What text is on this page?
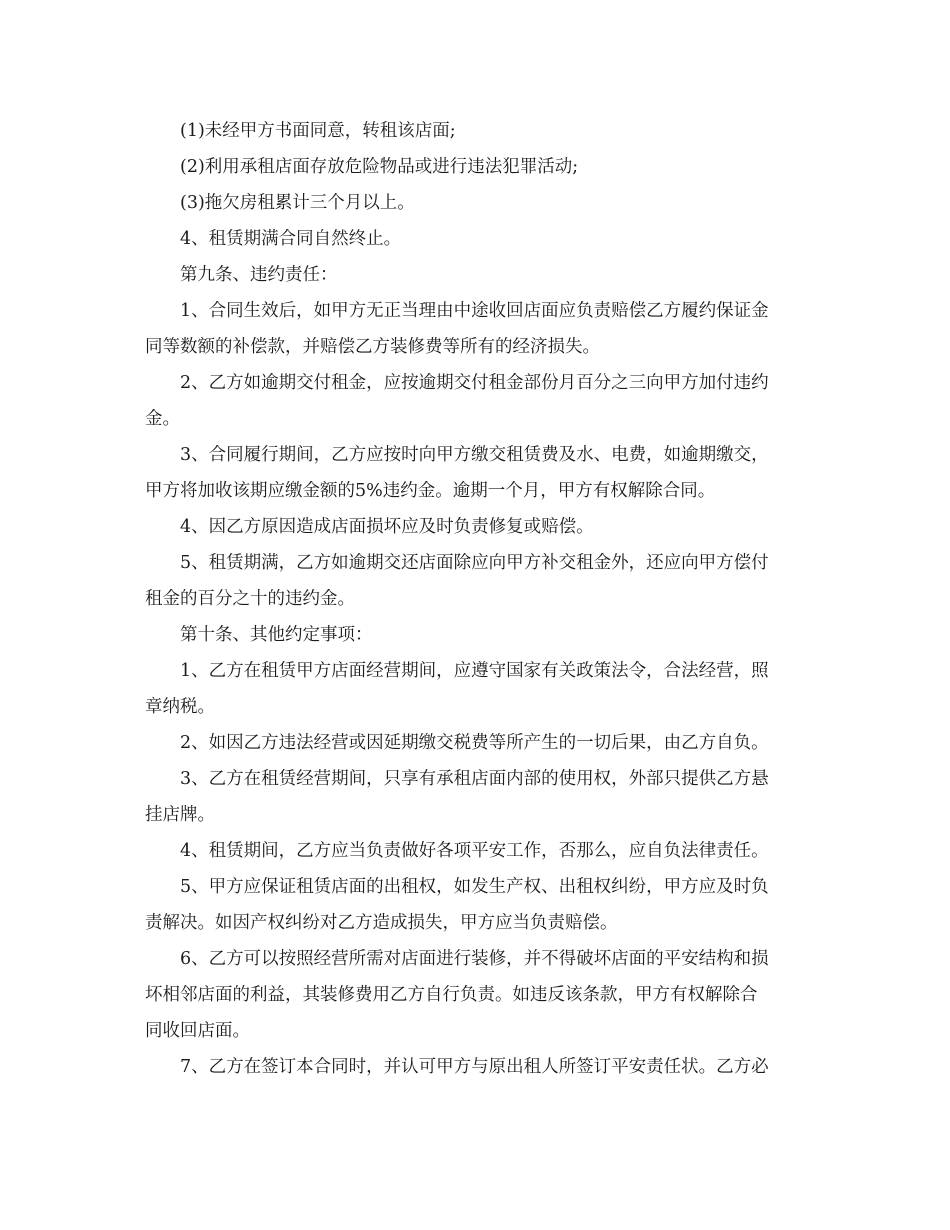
(1)未经甲方书面同意，转租该店面;
(2)利用承租店面存放危险物品或进行违法犯罪活动;
(3)拖欠房租累计三个月以上。
4、租赁期满合同自然终止。
第九条、违约责任：
1、合同生效后，如甲方无正当理由中途收回店面应负责赔偿乙方履约保证金
同等数额的补偿款，并赔偿乙方装修费等所有的经济损失。
2、乙方如逾期交付租金，应按逾期交付租金部份月百分之三向甲方加付违约
金。
3、合同履行期间，乙方应按时向甲方缴交租赁费及水、电费，如逾期缴交，
甲方将加收该期应缴金额的5%违约金。逾期一个月，甲方有权解除合同。
4、因乙方原因造成店面损坏应及时负责修复或赔偿。
5、租赁期满，乙方如逾期交还店面除应向甲方补交租金外，还应向甲方偿付
租金的百分之十的违约金。
第十条、其他约定事项：
1、乙方在租赁甲方店面经营期间，应遵守国家有关政策法令，合法经营，照
章纳税。
2、如因乙方违法经营或因延期缴交税费等所产生的一切后果，由乙方自负。
3、乙方在租赁经营期间，只享有承租店面内部的使用权，外部只提供乙方悬
挂店牌。
4、租赁期间，乙方应当负责做好各项平安工作，否那么，应自负法律责任。
5、甲方应保证租赁店面的出租权，如发生产权、出租权纠纷，甲方应及时负
责解决。如因产权纠纷对乙方造成损失，甲方应当负责赔偿。
6、乙方可以按照经营所需对店面进行装修，并不得破坏店面的平安结构和损
坏相邻店面的利益，其装修费用乙方自行负责。如违反该条款，甲方有权解除合
同收回店面。
7、乙方在签订本合同时，并认可甲方与原出租人所签订平安责任状。乙方必
